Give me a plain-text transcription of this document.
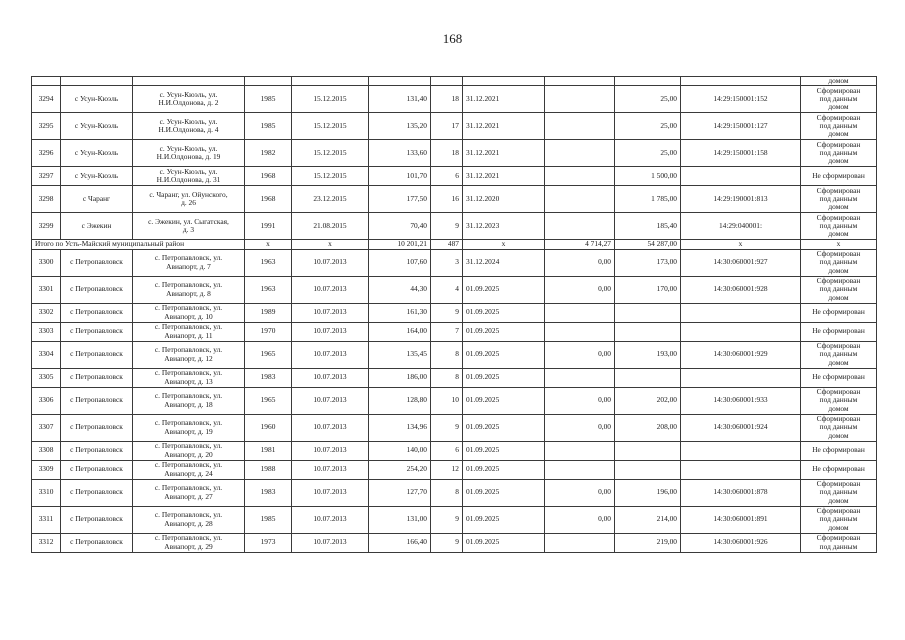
168
											домом
3294	с Усун-Кюэль	с. Усун-Кюэль, ул.
Н.И.Олдонова, д. 2	1985	15.12.2015	131,40	18	31.12.2021		25,00	14:29:150001:152	Сформирован
под данным
домом
3295	с Усун-Кюэль	с. Усун-Кюэль, ул.
Н.И.Олдонова, д. 4	1985	15.12.2015	135,20	17	31.12.2021		25,00	14:29:150001:127	Сформирован
под данным
домом
3296	с Усун-Кюэль	с. Усун-Кюэль, ул.
Н.И.Олдонова, д. 19	1982	15.12.2015	133,60	18	31.12.2021		25,00	14:29:150001:158	Сформирован
под данным
домом
3297	с Усун-Кюэль	с. Усун-Кюэль, ул.
Н.И.Олдонова, д. 31	1968	15.12.2015	101,70	6	31.12.2021		1 500,00		Не сформирован
3298	с Чаранг	с. Чаранг, ул. Ойунского,
д. 26	1968	23.12.2015	177,50	16	31.12.2020		1 785,00	14:29:190001:813	Сформирован
под данным
домом
3299	с Эжекин	с. Эжекин, ул. Сыгатская,
д. 3	1991	21.08.2015	70,40	9	31.12.2023		185,40	14:29:040001:	Сформирован
под данным
домом
Итого по Усть-Майский муниципальный район			x	x	10 201,21	487	x	4 714,27	54 287,00	x	x
3300	с Петропавловск	с. Петропавловск, ул.
Авиапорт, д. 7	1963	10.07.2013	107,60	3	31.12.2024	0,00	173,00	14:30:060001:927	Сформирован
под данным
домом
3301	с Петропавловск	с. Петропавловск, ул.
Авиапорт, д. 8	1963	10.07.2013	44,30	4	01.09.2025	0,00	170,00	14:30:060001:928	Сформирован
под данным
домом
3302	с Петропавловск	с. Петропавловск, ул.
Авиапорт, д. 10	1989	10.07.2013	161,30	9	01.09.2025				Не сформирован
3303	с Петропавловск	с. Петропавловск, ул.
Авиапорт, д. 11	1970	10.07.2013	164,00	7	01.09.2025				Не сформирован
3304	с Петропавловск	с. Петропавловск, ул.
Авиапорт, д. 12	1965	10.07.2013	135,45	8	01.09.2025	0,00	193,00	14:30:060001:929	Сформирован
под данным
домом
3305	с Петропавловск	с. Петропавловск, ул.
Авиапорт, д. 13	1983	10.07.2013	186,00	8	01.09.2025				Не сформирован
3306	с Петропавловск	с. Петропавловск, ул.
Авиапорт, д. 18	1965	10.07.2013	128,80	10	01.09.2025	0,00	202,00	14:30:060001:933	Сформирован
под данным
домом
3307	с Петропавловск	с. Петропавловск, ул.
Авиапорт, д. 19	1960	10.07.2013	134,96	9	01.09.2025	0,00	208,00	14:30:060001:924	Сформирован
под данным
домом
3308	с Петропавловск	с. Петропавловск, ул.
Авиапорт, д. 20	1981	10.07.2013	140,00	6	01.09.2025				Не сформирован
3309	с Петропавловск	с. Петропавловск, ул.
Авиапорт, д. 24	1988	10.07.2013	254,20	12	01.09.2025				Не сформирован
3310	с Петропавловск	с. Петропавловск, ул.
Авиапорт, д. 27	1983	10.07.2013	127,70	8	01.09.2025	0,00	196,00	14:30:060001:878	Сформирован
под данным
домом
3311	с Петропавловск	с. Петропавловск, ул.
Авиапорт, д. 28	1985	10.07.2013	131,00	9	01.09.2025	0,00	214,00	14:30:060001:891	Сформирован
под данным
домом
3312	с Петропавловск	с. Петропавловск, ул.
Авиапорт, д. 29	1973	10.07.2013	166,40	9	01.09.2025		219,00	14:30:060001:926	Сформирован
под данным
